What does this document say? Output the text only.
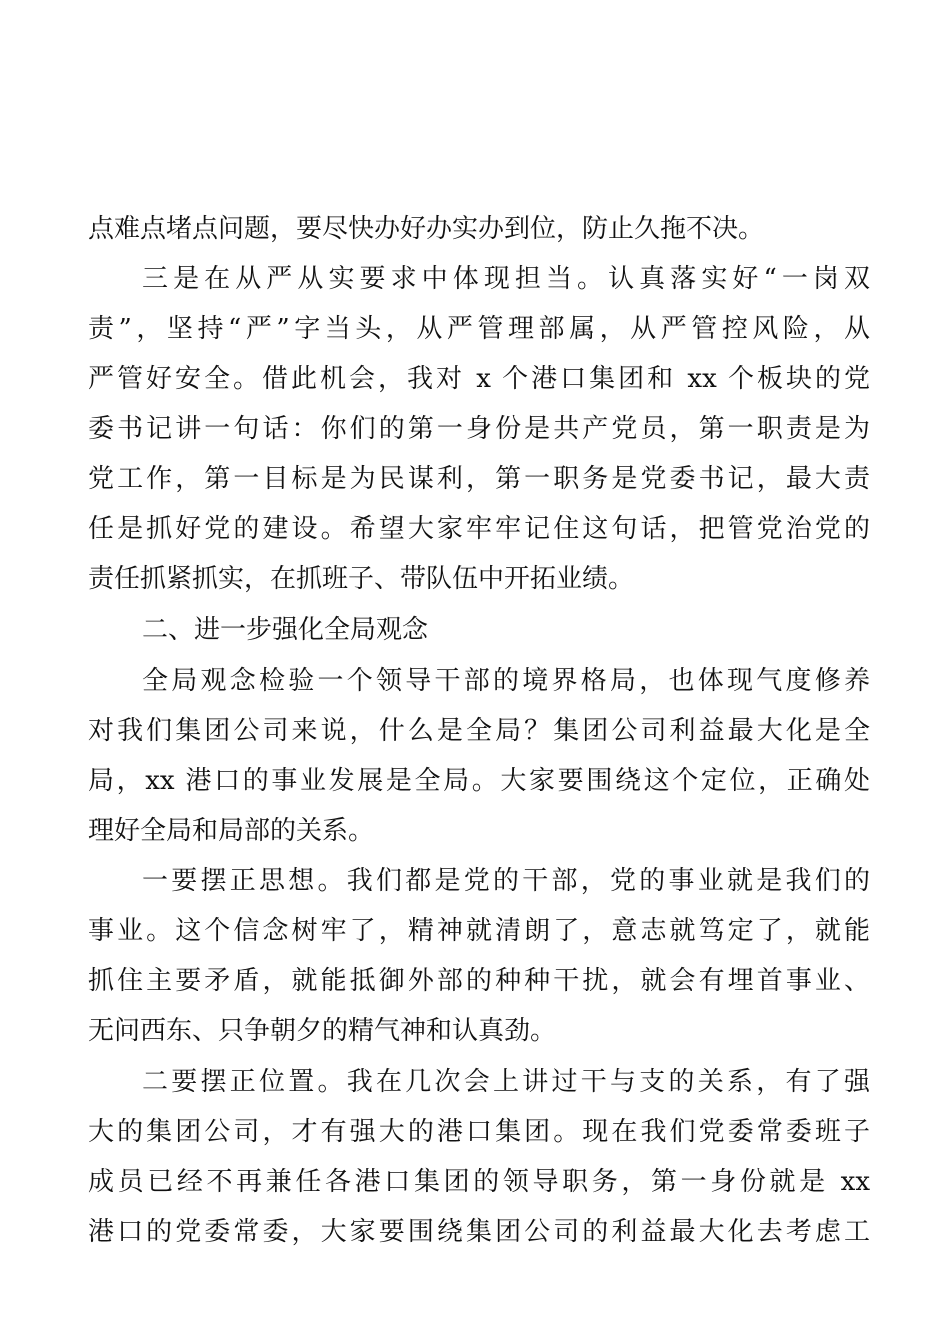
点难点堵点问题，要尽快办好办实办到位，防止久拖不决。

三是在从严从实要求中体现担当。认真落实好“一岗双

责”，坚持“严”字当头，从严管理部属，从严管控风险，从

严管好安全。借此机会，我对 x 个港口集团和 xx 个板块的党

委书记讲一句话：你们的第一身份是共产党员，第一职责是为

党工作，第一目标是为民谋利，第一职务是党委书记，最大责

任是抓好党的建设。希望大家牢牢记住这句话，把管党治党的

责任抓紧抓实，在抓班子、带队伍中开拓业绩。

二、进一步强化全局观念

全局观念检验一个领导干部的境界格局，也体现气度修养

对我们集团公司来说，什么是全局？集团公司利益最大化是全

局，xx 港口的事业发展是全局。大家要围绕这个定位，正确处

理好全局和局部的关系。

一要摆正思想。我们都是党的干部，党的事业就是我们的

事业。这个信念树牢了，精神就清朗了，意志就笃定了，就能

抓住主要矛盾，就能抵御外部的种种干扰，就会有埋首事业、

无问西东、只争朝夕的精气神和认真劲。

二要摆正位置。我在几次会上讲过干与支的关系，有了强

大的集团公司，才有强大的港口集团。现在我们党委常委班子

成员已经不再兼任各港口集团的领导职务，第一身份就是 xx

港口的党委常委，大家要围绕集团公司的利益最大化去考虑工
